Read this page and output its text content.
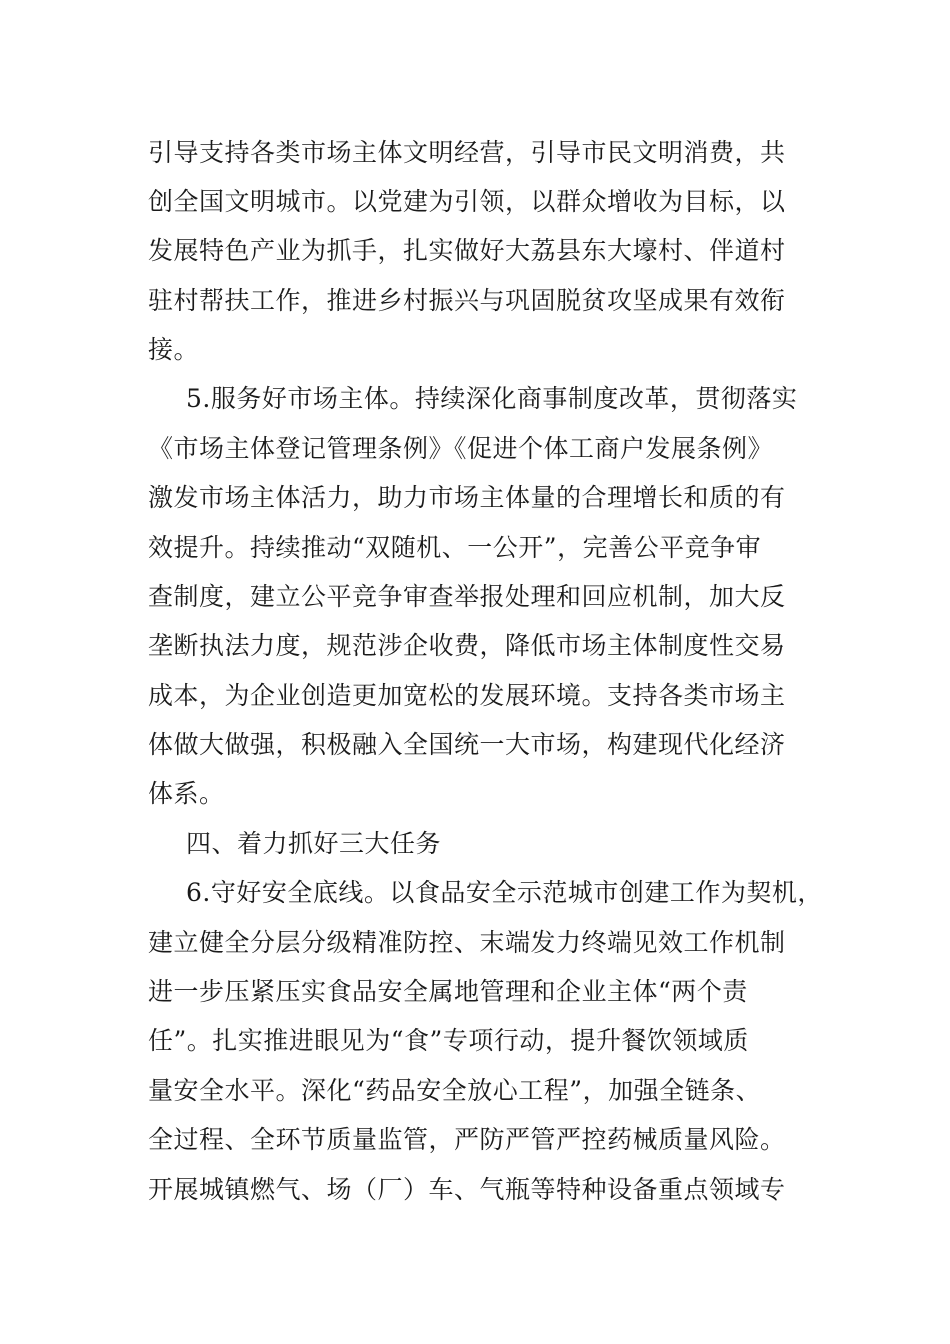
引导支持各类市场主体文明经营，引导市民文明消费，共
创全国文明城市。以党建为引领，以群众增收为目标，以
发展特色产业为抓手，扎实做好大荔县东大壕村、伴道村
驻村帮扶工作，推进乡村振兴与巩固脱贫攻坚成果有效衔
接。
5.服务好市场主体。持续深化商事制度改革，贯彻落实
《市场主体登记管理条例》《促进个体工商户发展条例》
激发市场主体活力，助力市场主体量的合理增长和质的有
效提升。持续推动“双随机、一公开”，完善公平竞争审
查制度，建立公平竞争审查举报处理和回应机制，加大反
垄断执法力度，规范涉企收费，降低市场主体制度性交易
成本，为企业创造更加宽松的发展环境。支持各类市场主
体做大做强，积极融入全国统一大市场，构建现代化经济
体系。
四、着力抓好三大任务
6.守好安全底线。以食品安全示范城市创建工作为契机，
建立健全分层分级精准防控、末端发力终端见效工作机制
进一步压紧压实食品安全属地管理和企业主体“两个责
任”。扎实推进眼见为“食”专项行动，提升餐饮领域质
量安全水平。深化“药品安全放心工程”，加强全链条、
全过程、全环节质量监管，严防严管严控药械质量风险。
开展城镇燃气、场（厂）车、气瓶等特种设备重点领域专
